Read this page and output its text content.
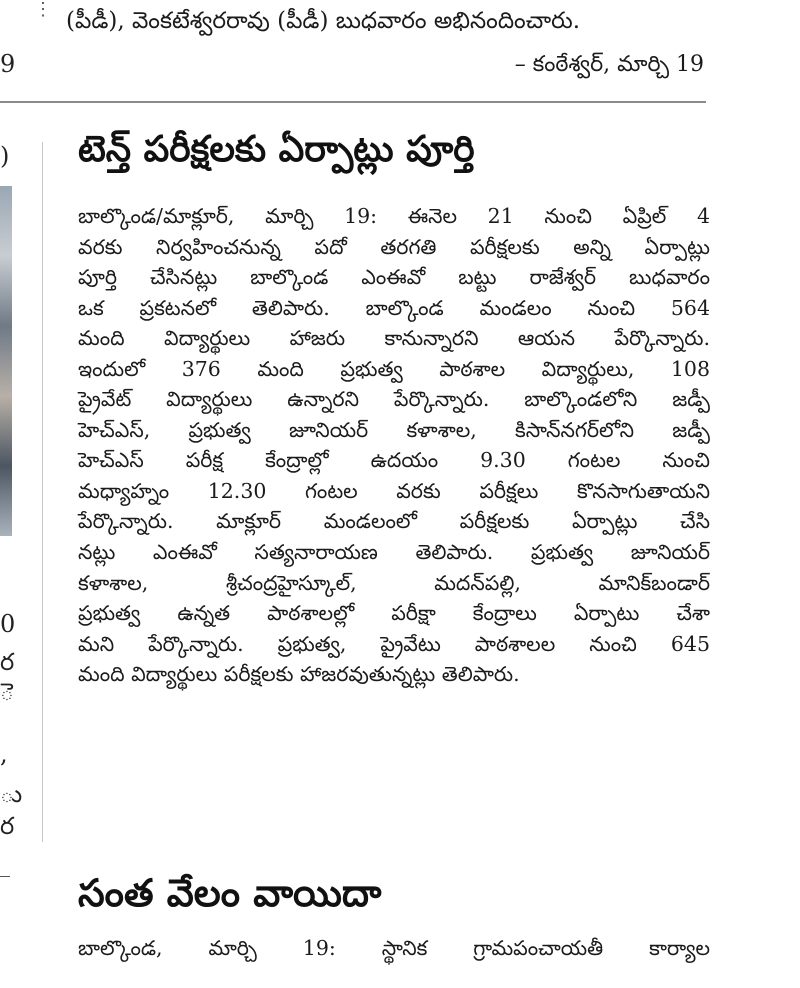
9
)
0
ర
ె
,
ు
ర
⋮ (పీడీ), వెంకటేశ్వరరావు (పీడీ) బుధవారం అభినందించారు.
– కంఠేశ్వర్, మార్చి 19
టెన్త్ పరీక్షలకు ఏర్పాట్లు పూర్తి
బాల్కొండ/మాక్లూర్, మార్చి 19: ఈనెల 21 నుంచి ఏప్రిల్ 4
వరకు నిర్వహించనున్న పదో తరగతి పరీక్షలకు అన్ని ఏర్పాట్లు
పూర్తి చేసినట్లు బాల్కొండ ఎంఈవో బట్టు రాజేశ్వర్ బుధవారం
ఒక ప్రకటనలో తెలిపారు. బాల్కొండ మండలం నుంచి 564
మంది విద్యార్థులు హాజరు కానున్నారని ఆయన పేర్కొన్నారు.
ఇందులో 376 మంది ప్రభుత్వ పాఠశాల విద్యార్థులు, 108
ప్రైవేట్ విద్యార్థులు ఉన్నారని పేర్కొన్నారు. బాల్కొండలోని జడ్పీ
హెచ్ఎస్, ప్రభుత్వ జూనియర్ కళాశాల, కిసాన్‌నగర్‌లోని జడ్పీ
హెచ్ఎస్ పరీక్ష కేంద్రాల్లో ఉదయం 9.30 గంటల నుంచి
మధ్యాహ్నం 12.30 గంటల వరకు పరీక్షలు కొనసాగుతాయని
పేర్కొన్నారు. మాక్లూర్ మండలంలో పరీక్షలకు ఏర్పాట్లు చేసి
నట్లు ఎంఈవో సత్యనారాయణ తెలిపారు. ప్రభుత్వ జూనియర్
కళాశాల, శ్రీచంద్రహైస్కూల్, మదన్‌పల్లి, మానిక్‌బండార్
ప్రభుత్వ ఉన్నత పాఠశాలల్లో పరీక్షా కేంద్రాలు ఏర్పాటు చేశా
మని పేర్కొన్నారు. ప్రభుత్వ, ప్రైవేటు పాఠశాలల నుంచి 645
మంది విద్యార్థులు పరీక్షలకు హాజరవుతున్నట్లు తెలిపారు.
సంత వేలం వాయిదా
బాల్కొండ, మార్చి 19: స్థానిక గ్రామపంచాయతీ కార్యాల
